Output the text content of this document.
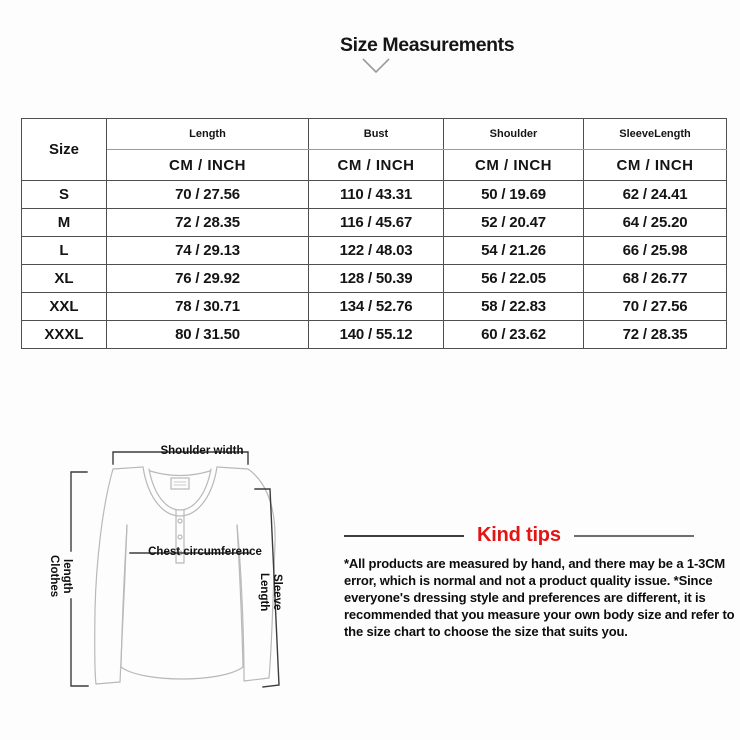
Size Measurements
Size	Length	Bust	Shoulder	SleeveLength
	CM / INCH	CM / INCH	CM / INCH	CM / INCH
S	70 / 27.56	110 / 43.31	50 / 19.69	62 / 24.41
M	72 / 28.35	116 / 45.67	52 / 20.47	64 / 25.20
L	74 / 29.13	122 / 48.03	54 / 21.26	66 / 25.98
XL	76 / 29.92	128 / 50.39	56 / 22.05	68 / 26.77
XXL	78 / 30.71	134 / 52.76	58 / 22.83	70 / 27.56
XXXL	80 / 31.50	140 / 55.12	60 / 23.62	72 / 28.35
Shoulder width
Chest circumference
Clothes length	Sleeve Length
Kind tips
*All products are measured by hand, and there may be a 1-3CM error, which is normal and not a product quality issue. *Since everyone's dressing style and preferences are different, it is recommended that you measure your own body size and refer to the size chart to choose the size that suits you.
